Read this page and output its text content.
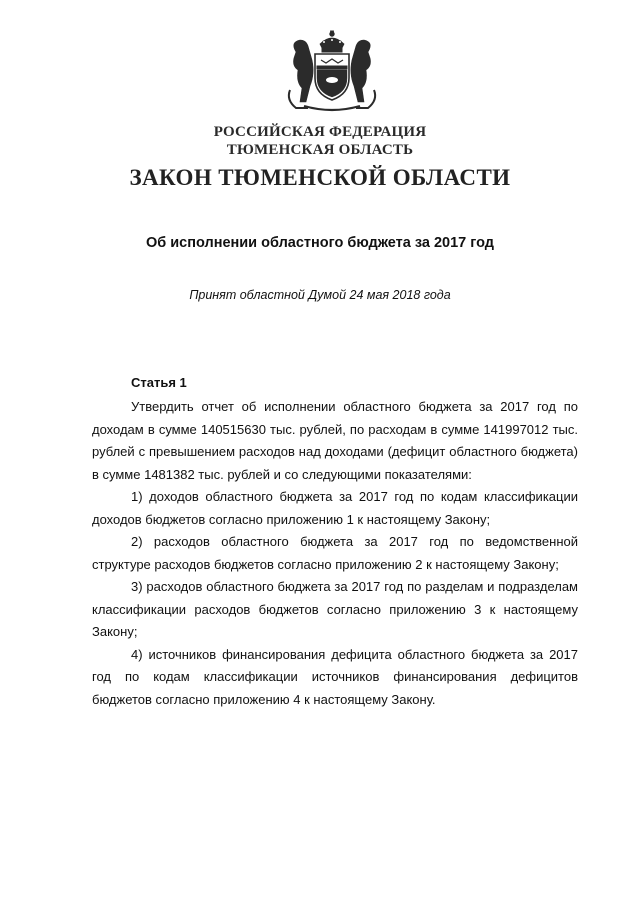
РОССИЙСКАЯ ФЕДЕРАЦИЯ
ТЮМЕНСКАЯ ОБЛАСТЬ
ЗАКОН ТЮМЕНСКОЙ ОБЛАСТИ
Об исполнении областного бюджета за 2017 год
Принят областной Думой 24 мая 2018 года
Статья 1

Утвердить отчет об исполнении областного бюджета за 2017 год по доходам в сумме 140515630 тыс. рублей, по расходам в сумме 141997012 тыс. рублей с превышением расходов над доходами (дефицит областного бюджета) в сумме 1481382 тыс. рублей и со следующими показателями:

1) доходов областного бюджета за 2017 год по кодам классификации доходов бюджетов согласно приложению 1 к настоящему Закону;

2) расходов областного бюджета за 2017 год по ведомственной структуре расходов бюджетов согласно приложению 2 к настоящему Закону;

3) расходов областного бюджета за 2017 год по разделам и подразделам классификации расходов бюджетов согласно приложению 3 к настоящему Закону;

4) источников финансирования дефицита областного бюджета за 2017 год по кодам классификации источников финансирования дефицитов бюджетов согласно приложению 4 к настоящему Закону.
